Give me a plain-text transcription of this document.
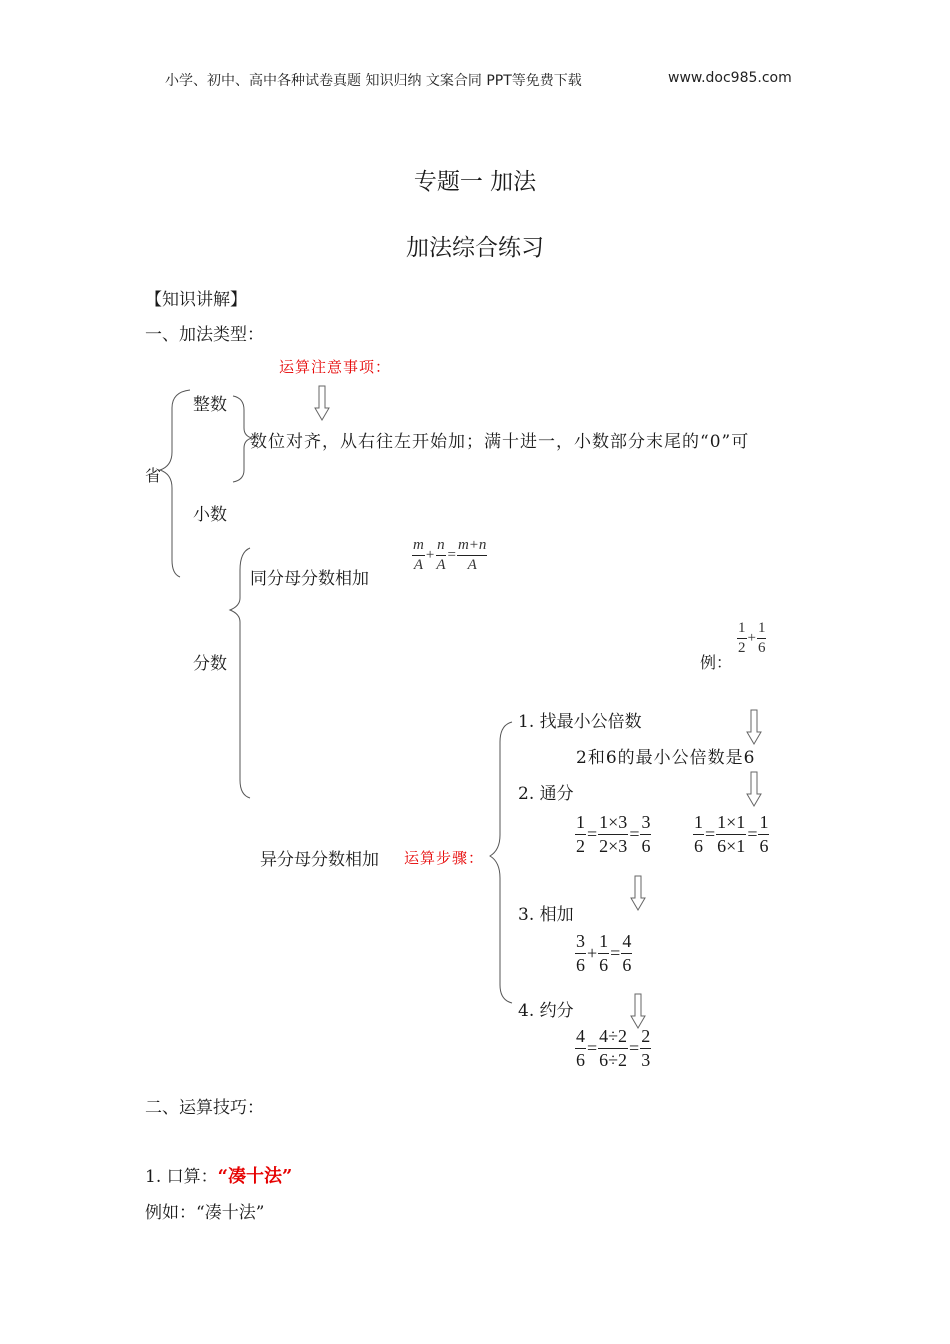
小学、初中、高中各种试卷真题 知识归纳 文案合同 PPT等免费下载	www.doc985.com
专题一 加法
加法综合练习
【知识讲解】
一、加法类型：
运算注意事项：
整数
小数
分数
省
数位对齐，从右往左开始加；满十进一，小数部分末尾的“0”可
同分母分数相加
$\frac{m}{A} + \frac{n}{A} = \frac{m+n}{A}$
例：
$\frac{1}{2} + \frac{1}{6}$
异分母分数相加 运算步骤：
1. 找最小公倍数
2和6的最小公倍数是6
2. 通分
$\frac{1}{2} = \frac{1\times 3}{2\times 3} = \frac{3}{6} \frac{1}{6} = \frac{1\times 1}{6\times 1} = \frac{1}{6}$
3. 相加
$\frac{3}{6} + \frac{1}{6} = \frac{4}{6}$
4. 约分
$\frac{4}{6} = \frac{4\div 2}{6\div 2} = \frac{2}{3}$
二、运算技巧：
1. 口算：“凑十法”
例如：“凑十法”
